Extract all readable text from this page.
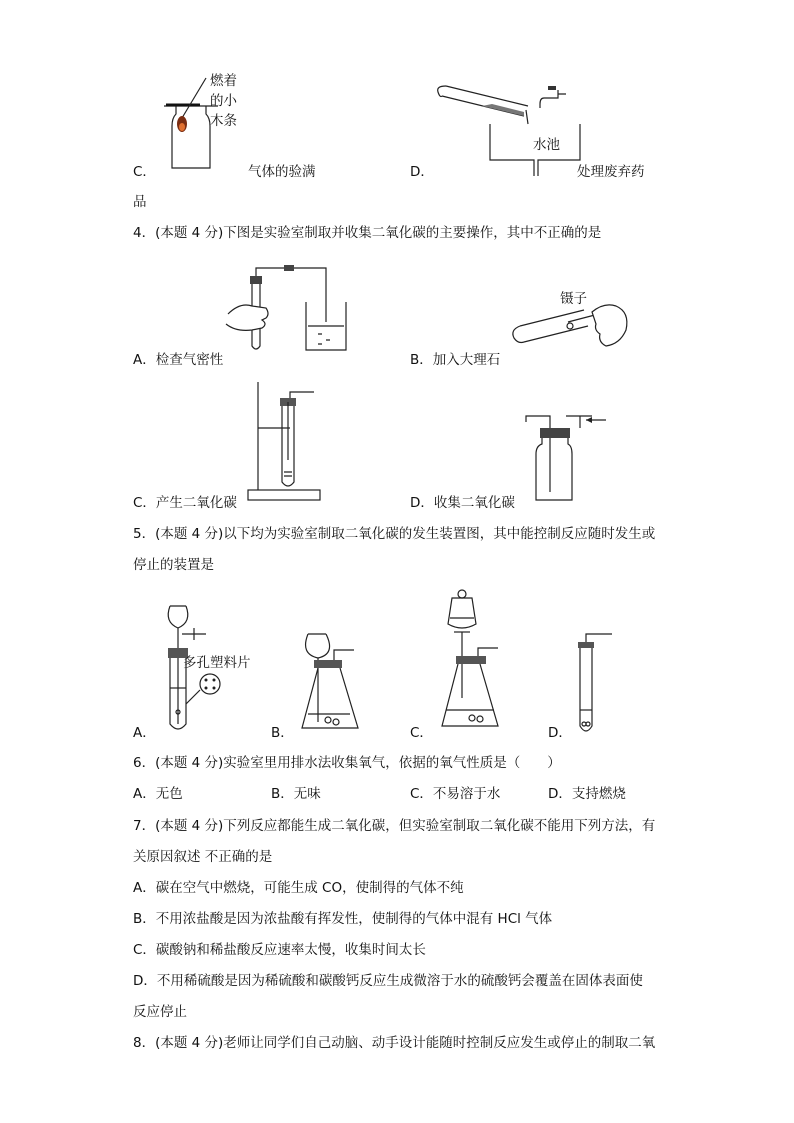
燃着
的小
木条
C．	气体的验满
水池
D．	处理废弃药
品
4．(本题 4 分)下图是实验室制取并收集二氧化碳的主要操作，其中不正确的是
A．检查气密性
镊子
B．加入大理石
C．产生二氧化碳	D．收集二氧化碳
5．(本题 4 分)以下均为实验室制取二氧化碳的发生装置图，其中能控制反应随时发生或
停止的装置是
多孔塑料片
A．	B．	C．	D．
6．(本题 4 分)实验室里用排水法收集氧气，依据的氧气性质是（　　）
A．无色	B．无味	C．不易溶于水	D．支持燃烧
7．(本题 4 分)下列反应都能生成二氧化碳，但实验室制取二氧化碳不能用下列方法，有
关原因叙述 不正确的是
A．碳在空气中燃烧，可能生成 CO，使制得的气体不纯
B．不用浓盐酸是因为浓盐酸有挥发性，使制得的气体中混有 HCl 气体
C．碳酸钠和稀盐酸反应速率太慢，收集时间太长
D．不用稀硫酸是因为稀硫酸和碳酸钙反应生成微溶于水的硫酸钙会覆盖在固体表面使
反应停止
8．(本题 4 分)老师让同学们自己动脑、动手设计能随时控制反应发生或停止的制取二氧
